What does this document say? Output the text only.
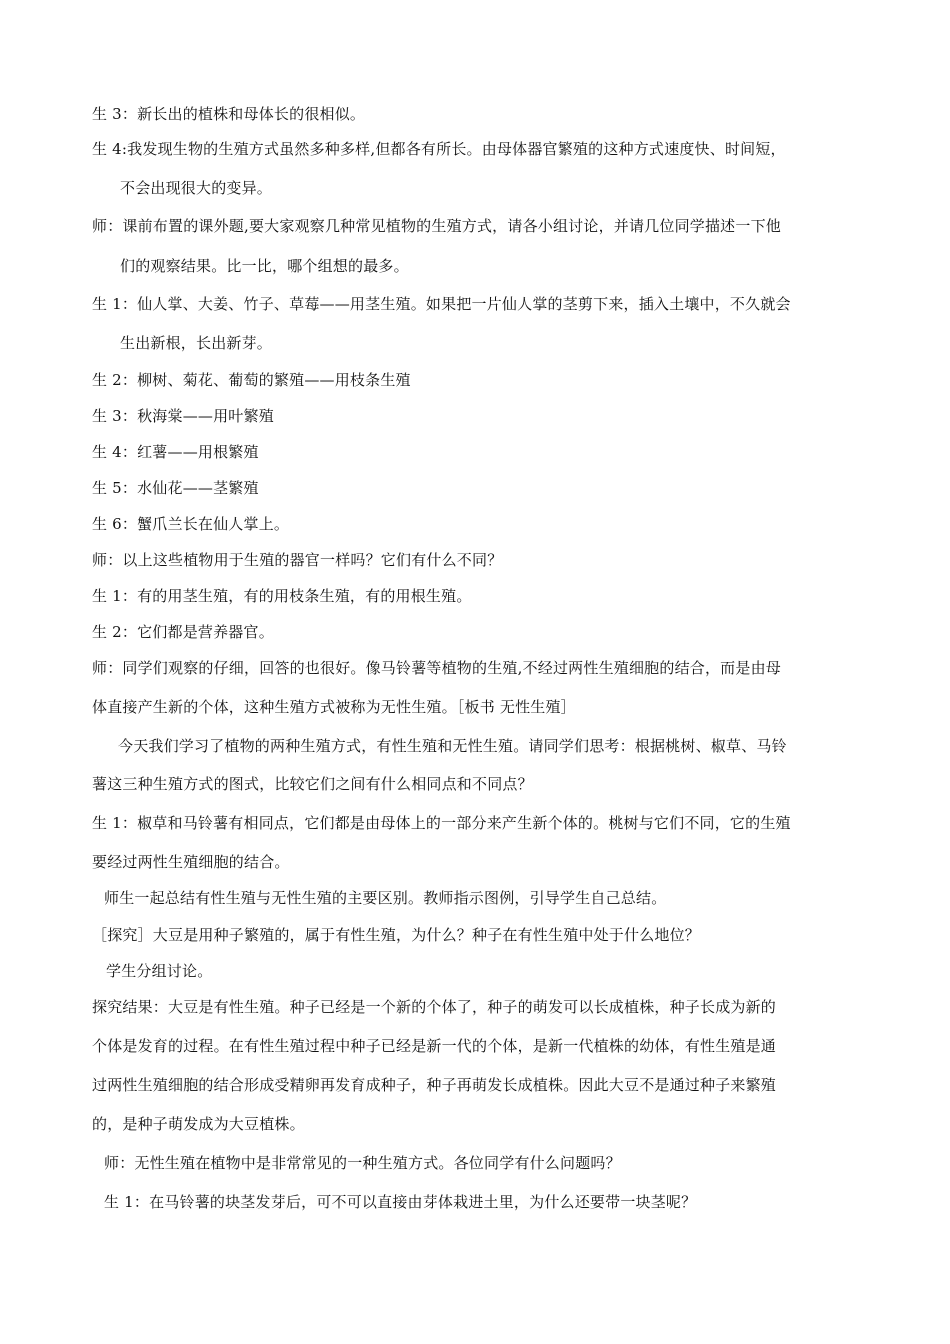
生 3：新长出的植株和母体长的很相似。
生 4:我发现生物的生殖方式虽然多种多样,但都各有所长。由母体器官繁殖的这种方式速度快、时间短，
不会出现很大的变异。
师：课前布置的课外题,要大家观察几种常见植物的生殖方式，请各小组讨论，并请几位同学描述一下他
们的观察结果。比一比，哪个组想的最多。
生 1：仙人掌、大姜、竹子、草莓——用茎生殖。如果把一片仙人掌的茎剪下来，插入土壤中，不久就会
生出新根，长出新芽。
生 2：柳树、菊花、葡萄的繁殖——用枝条生殖
生 3：秋海棠——用叶繁殖
生 4：红薯——用根繁殖
生 5：水仙花——茎繁殖
生 6：蟹爪兰长在仙人掌上。
师：以上这些植物用于生殖的器官一样吗？它们有什么不同？
生 1：有的用茎生殖，有的用枝条生殖，有的用根生殖。
生 2：它们都是营养器官。
师：同学们观察的仔细，回答的也很好。像马铃薯等植物的生殖,不经过两性生殖细胞的结合，而是由母
体直接产生新的个体，这种生殖方式被称为无性生殖。［板书 无性生殖］
今天我们学习了植物的两种生殖方式，有性生殖和无性生殖。请同学们思考：根据桃树、椒草、马铃
薯这三种生殖方式的图式，比较它们之间有什么相同点和不同点？
生 1：椒草和马铃薯有相同点，它们都是由母体上的一部分来产生新个体的。桃树与它们不同，它的生殖
要经过两性生殖细胞的结合。
师生一起总结有性生殖与无性生殖的主要区别。教师指示图例，引导学生自己总结。
［探究］大豆是用种子繁殖的，属于有性生殖，为什么？种子在有性生殖中处于什么地位？
学生分组讨论。
探究结果：大豆是有性生殖。种子已经是一个新的个体了，种子的萌发可以长成植株，种子长成为新的
个体是发育的过程。在有性生殖过程中种子已经是新一代的个体，是新一代植株的幼体，有性生殖是通
过两性生殖细胞的结合形成受精卵再发育成种子，种子再萌发长成植株。因此大豆不是通过种子来繁殖
的，是种子萌发成为大豆植株。
师：无性生殖在植物中是非常常见的一种生殖方式。各位同学有什么问题吗？
生 1：在马铃薯的块茎发芽后，可不可以直接由芽体栽进土里，为什么还要带一块茎呢？
